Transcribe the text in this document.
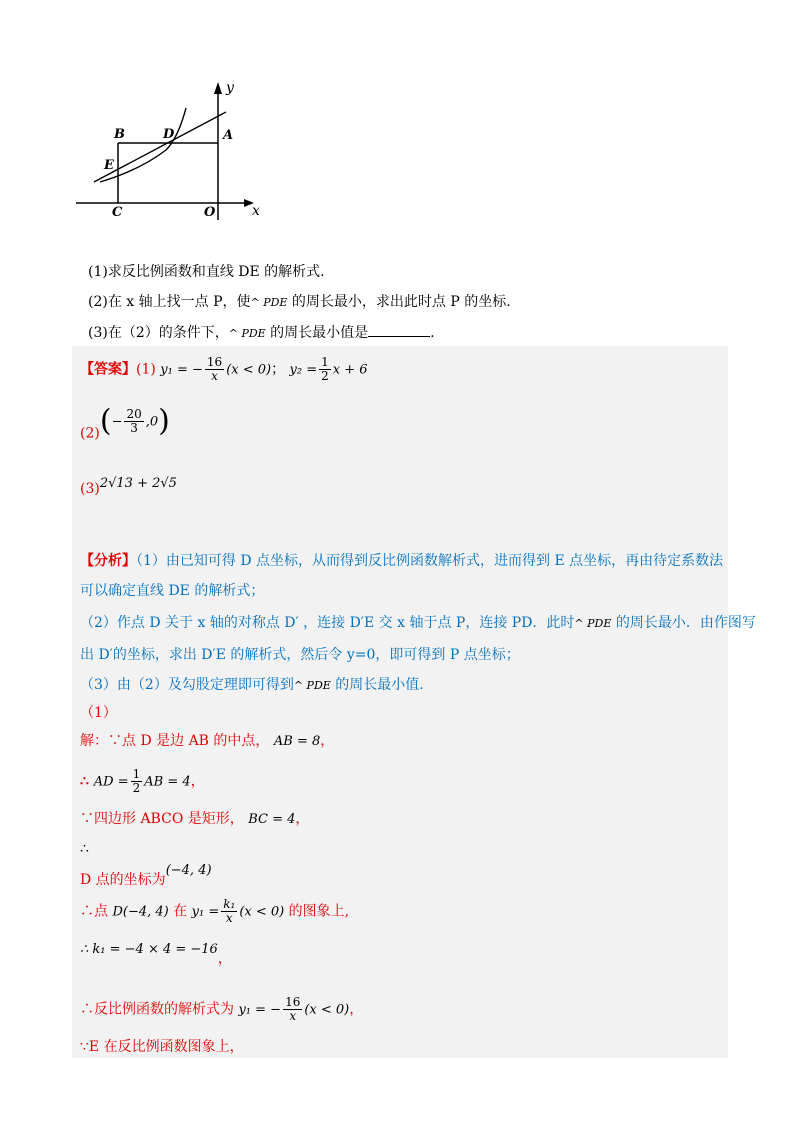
y
x
B	D	A
E
C	O
(1)求反比例函数和直线 DE 的解析式.
(2)在 x 轴上找一点 P，使^ PDE 的周长最小，求出此时点 P 的坐标.
(3)在（2）的条件下，^ PDE 的周长最小值是	.
【答案】(1) y₁ = − $\frac{16}{x} (x < 0)$； $y_2 = \frac{1}{2}$ x + 6
$(2)(- \frac{20}{3} ,0)$
(3)2√13 + 2√5
【分析】（1）由已知可得 D 点坐标，从而得到反比例函数解析式，进而得到 E 点坐标，再由待定系数法
可以确定直线 DE 的解析式；
（2）作点 D 关于 x 轴的对称点 D′ ，连接 D′E 交 x 轴于点 P，连接 PD．此时^ PDE 的周长最小．由作图写
出 D′的坐标，求出 D′E 的解析式，然后令 y=0，即可得到 P 点坐标；
（3）由（2）及勾股定理即可得到^ PDE 的周长最小值.
（1）
解：∵点 D 是边 AB 的中点， AB = 8，
∴ AD = $\frac{1}{2}$ AB = 4，
∵四边形 ABCO 是矩形， BC = 4，
∴
D 点的坐标为(−4, 4)
∴点 D(−4, 4) 在 $y_1 = \frac{\text{k₁}}{x} (x < 0)$ 的图象上,
∴ k₁ = −4 × 4 = −16，
∴反比例函数的解析式为 y₁ = − $\frac{16}{x} (x < 0)$，
∵E 在反比例函数图象上，
